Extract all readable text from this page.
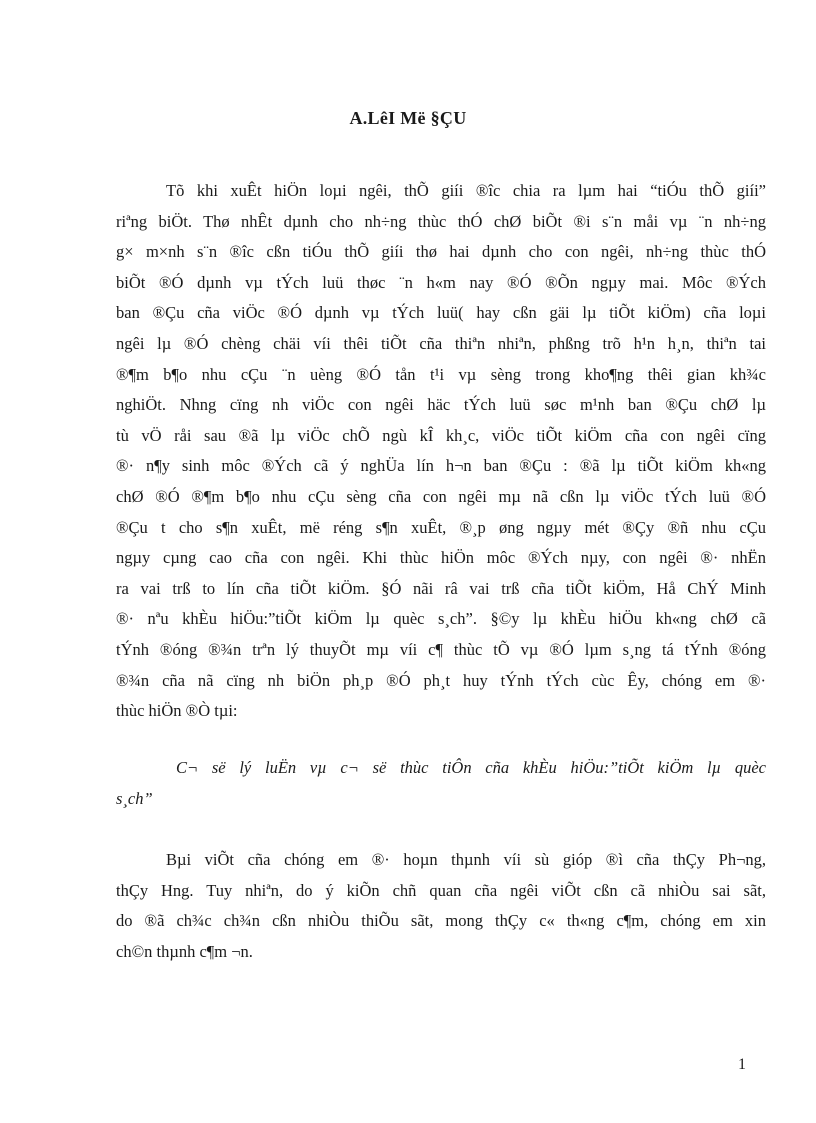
A.LêI Më §ÇU
Tõ khi xuÊt hiÖn loµi ngêi, thÕ giíi ®îc chia ra lµm hai “tiÓu thÕ giíi”
riªng biÖt. Thø nhÊt dµnh cho nh÷ng thùc thÓ chØ biÕt ®i s¨n måi vµ ¨n nh÷ng
g× m×nh s¨n ®îc cßn tiÓu thÕ giíi thø hai dµnh cho con ngêi, nh÷ng thùc thÓ
biÕt ®Ó dµnh vµ tÝch luü thøc ¨n h«m nay ®Ó ®Õn ngµy mai. Môc ®Ých
ban ®Çu cña viÖc ®Ó dµnh vµ tÝch luü( hay cßn gäi lµ tiÕt kiÖm) cña loµi
ngêi lµ ®Ó chèng chäi víi thêi tiÕt cña thiªn nhiªn, phßng trõ h¹n h¸n, thiªn tai
®¶m b¶o nhu cÇu ¨n uèng ®Ó tån t¹i vµ sèng trong kho¶ng thêi gian kh¾c
nghiÖt. Nhng cïng nh viÖc con ngêi häc tÝch luü søc m¹nh ban ®Çu chØ lµ
tù vÖ råi sau ®ã lµ viÖc chÕ ngù kÎ kh¸c, viÖc tiÕt kiÖm cña con ngêi cïng
®· n¶y sinh môc ®Ých cã ý nghÜa lín h¬n ban ®Çu : ®ã lµ tiÕt kiÖm kh«ng
chØ ®Ó ®¶m b¶o nhu cÇu sèng cña con ngêi mµ nã cßn lµ viÖc tÝch luü ®Ó
®Çu t cho s¶n xuÊt, më réng s¶n xuÊt, ®¸p øng ngµy mét ®Çy ®ñ nhu cÇu
ngµy cµng cao cña con ngêi. Khi thùc hiÖn môc ®Ých nµy, con ngêi ®· nhËn
ra vai trß to lín cña tiÕt kiÖm. §Ó nãi râ vai trß cña tiÕt kiÖm, Hå ChÝ Minh
®· nªu khÈu hiÖu:”tiÕt kiÖm lµ quèc s¸ch”. §©y lµ khÈu hiÖu kh«ng chØ cã
tÝnh ®óng ®¾n trªn lý thuyÕt mµ víi c¶ thùc tÕ vµ ®Ó lµm s¸ng tá tÝnh ®óng
®¾n cña nã cïng nh biÖn ph¸p ®Ó ph¸t huy tÝnh tÝch cùc Êy, chóng em ®·
thùc hiÖn ®Ò tµi:
C¬ së lý luËn vµ c¬ së thùc tiÔn cña khÈu hiÖu:”tiÕt kiÖm lµ quèc
s¸ch”
Bµi viÕt cña chóng em ®· hoµn thµnh víi sù gióp ®ì cña thÇy Ph¬ng,
thÇy Hng. Tuy nhiªn, do ý kiÕn chñ quan cña ngêi viÕt cßn cã nhiÒu sai sãt,
do ®ã ch¾c ch¾n cßn nhiÒu thiÕu sãt, mong thÇy c« th«ng c¶m, chóng em xin
ch©n thµnh c¶m ¬n.
1
